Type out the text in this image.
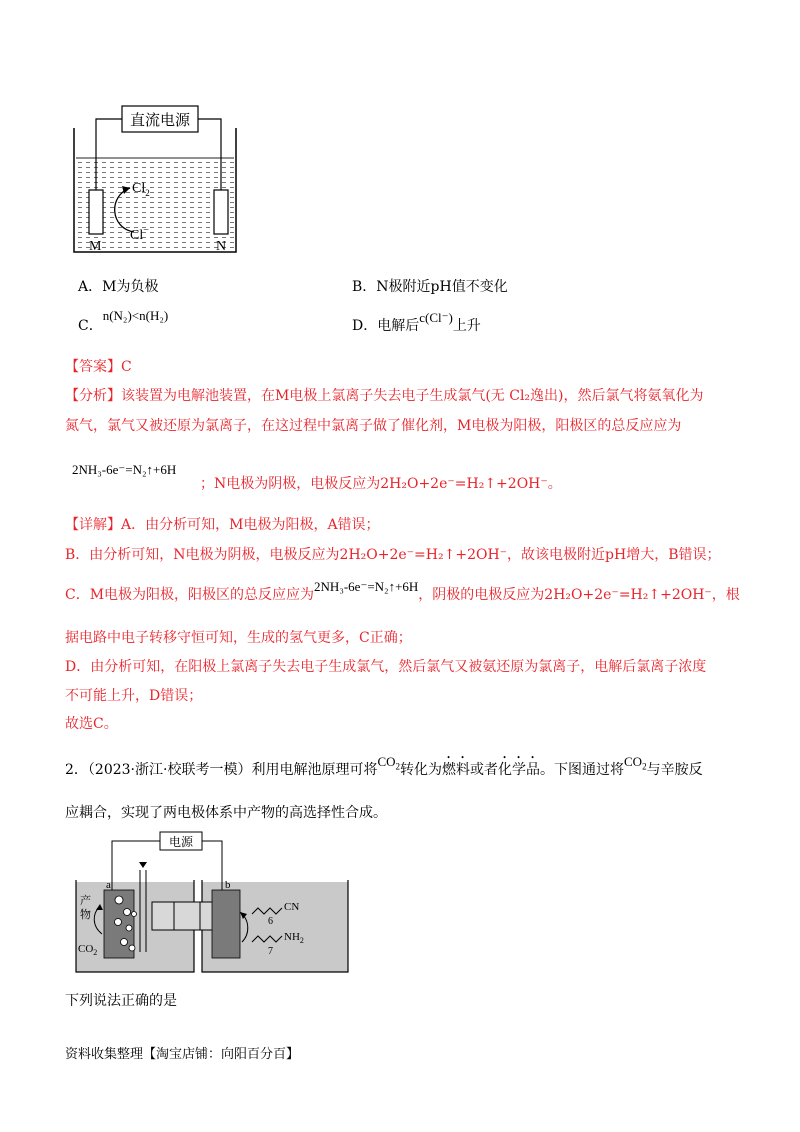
直流电源
$Cl_2$
Cl−
M	N
A．M为负极	B．N极附近pH值不变化
C．n(N₂)<n(H₂)
D．电解后c(Cl⁻)上升
【答案】C
【分析】该装置为电解池装置，在M电极上氯离子失去电子生成氯气(无 Cl₂逸出)，然后氯气将氨氧化为
氮气，氯气又被还原为氯离子，在这过程中氯离子做了催化剂，M电极为阳极，阳极区的总反应应为
2NH₃-6e⁻=N₂↑+6H
；N电极为阴极，电极反应为2H₂O+2e⁻=H₂↑+2OH⁻。
【详解】A．由分析可知，M电极为阳极，A错误；
B．由分析可知，N电极为阴极，电极反应为2H₂O+2e⁻=H₂↑+2OH⁻，故该电极附近pH增大，B错误；
C．M电极为阳极，阳极区的总反应应为2NH₃-6e⁻=N₂↑+6H，阴极的电极反应为2H₂O+2e⁻=H₂↑+2OH⁻，根
据电路中电子转移守恒可知，生成的氢气更多，C正确；
D．由分析可知，在阳极上氯离子失去电子生成氯气，然后氯气又被氨还原为氯离子，电解后氯离子浓度
不可能上升，D错误；
故选C。
2．（2023·浙江·校联考一模）利用电解池原理可将$CO_2$转化为燃料或者化学品。下图通过将$CO_2$与辛胺反
应耦合，实现了两电极体系中产物的高选择性合成。
电源
a	b
产
物
$CO_2$
CN
6
$NH_2$
7
下列说法正确的是
资料收集整理【淘宝店铺：向阳百分百】
